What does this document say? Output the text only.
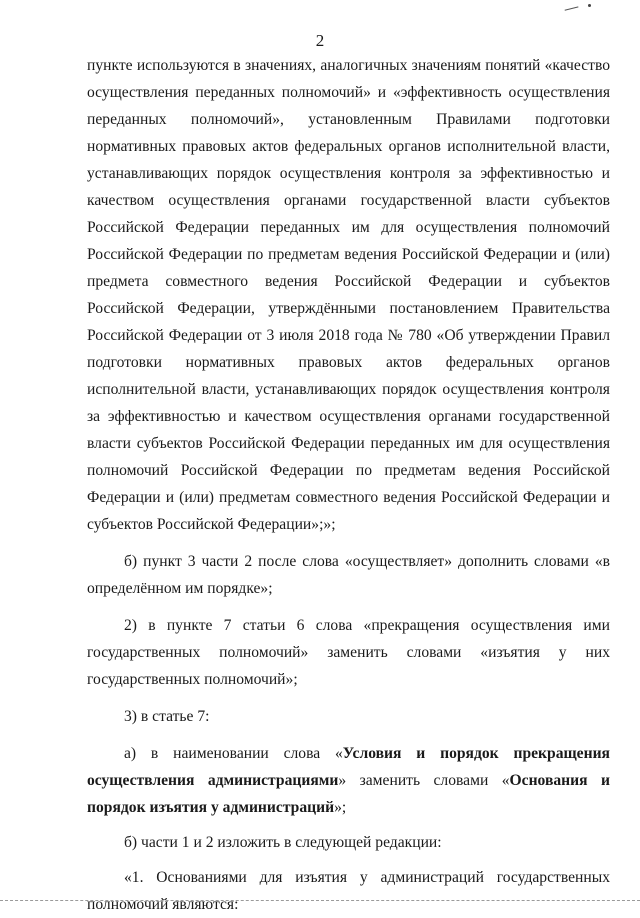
2

пункте используются в значениях, аналогичных значениям понятий «качество осуществления переданных полномочий» и «эффективность осуществления переданных полномочий», установленным Правилами подготовки нормативных правовых актов федеральных органов исполнительной власти, устанавливающих порядок осуществления контроля за эффективностью и качеством осуществления органами государственной власти субъектов Российской Федерации переданных им для осуществления полномочий Российской Федерации по предметам ведения Российской Федерации и (или) предмета совместного ведения Российской Федерации и субъектов Российской Федерации, утверждёнными постановлением Правительства Российской Федерации от 3 июля 2018 года № 780 «Об утверждении Правил подготовки нормативных правовых актов федеральных органов исполнительной власти, устанавливающих порядок осуществления контроля за эффективностью и качеством осуществления органами государственной власти субъектов Российской Федерации переданных им для осуществления полномочий Российской Федерации по предметам ведения Российской Федерации и (или) предметам совместного ведения Российской Федерации и субъектов Российской Федерации»;»;

б) пункт 3 части 2 после слова «осуществляет» дополнить словами «в определённом им порядке»;

2) в пункте 7 статьи 6 слова «прекращения осуществления ими государственных полномочий» заменить словами «изъятия у них государственных полномочий»;

3) в статье 7:

а) в наименовании слова «Условия и порядок прекращения осуществления администрациями» заменить словами «Основания и порядок изъятия у администраций»;

б) части 1 и 2 изложить в следующей редакции:

«1. Основаниями для изъятия у администраций государственных полномочий являются:
